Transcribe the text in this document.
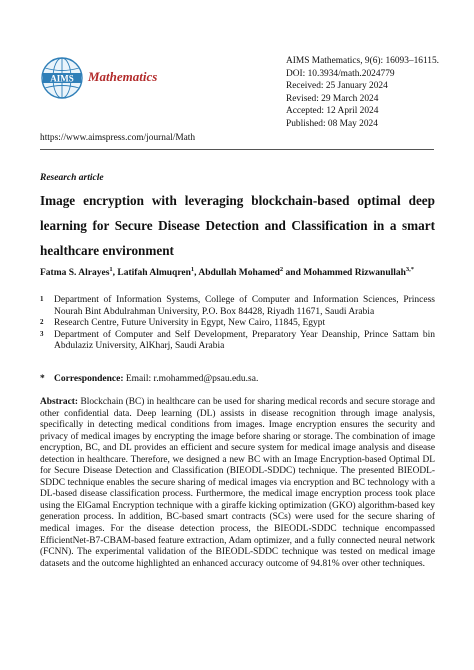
AIMS Mathematics
AIMS Mathematics, 9(6): 16093–16115.
DOI: 10.3934/math.2024779
Received: 25 January 2024
Revised: 29 March 2024
Accepted: 12 April 2024
Published: 08 May 2024
https://www.aimspress.com/journal/Math
Research article
Image encryption with leveraging blockchain-based optimal deep learning for Secure Disease Detection and Classification in a smart healthcare environment
Fatma S. Alrayes$^1$, Latifah Almuqren$^1$, Abdullah Mohamed$^2$ and Mohammed Rizwanullah$^{3,*}$
1	Department of Information Systems, College of Computer and Information Sciences, Princess Nourah Bint Abdulrahman University, P.O. Box 84428, Riyadh 11671, Saudi Arabia
2	Research Centre, Future University in Egypt, New Cairo, 11845, Egypt
3	Department of Computer and Self Development, Preparatory Year Deanship, Prince Sattam bin Abdulaziz University, AlKharj, Saudi Arabia
* Correspondence: Email: r.mohammed@psau.edu.sa.
Abstract: Blockchain (BC) in healthcare can be used for sharing medical records and secure storage and other confidential data. Deep learning (DL) assists in disease recognition through image analysis, specifically in detecting medical conditions from images. Image encryption ensures the security and privacy of medical images by encrypting the image before sharing or storage. The combination of image encryption, BC, and DL provides an efficient and secure system for medical image analysis and disease detection in healthcare. Therefore, we designed a new BC with an Image Encryption-based Optimal DL for Secure Disease Detection and Classification (BIEODL-SDDC) technique. The presented BIEODL-SDDC technique enables the secure sharing of medical images via encryption and BC technology with a DL-based disease classification process. Furthermore, the medical image encryption process took place using the ElGamal Encryption technique with a giraffe kicking optimization (GKO) algorithm-based key generation process. In addition, BC-based smart contracts (SCs) were used for the secure sharing of medical images. For the disease detection process, the BIEODL-SDDC technique encompassed EfficientNet-B7-CBAM-based feature extraction, Adam optimizer, and a fully connected neural network (FCNN). The experimental validation of the BIEODL-SDDC technique was tested on medical image datasets and the outcome highlighted an enhanced accuracy outcome of 94.81% over other techniques.
